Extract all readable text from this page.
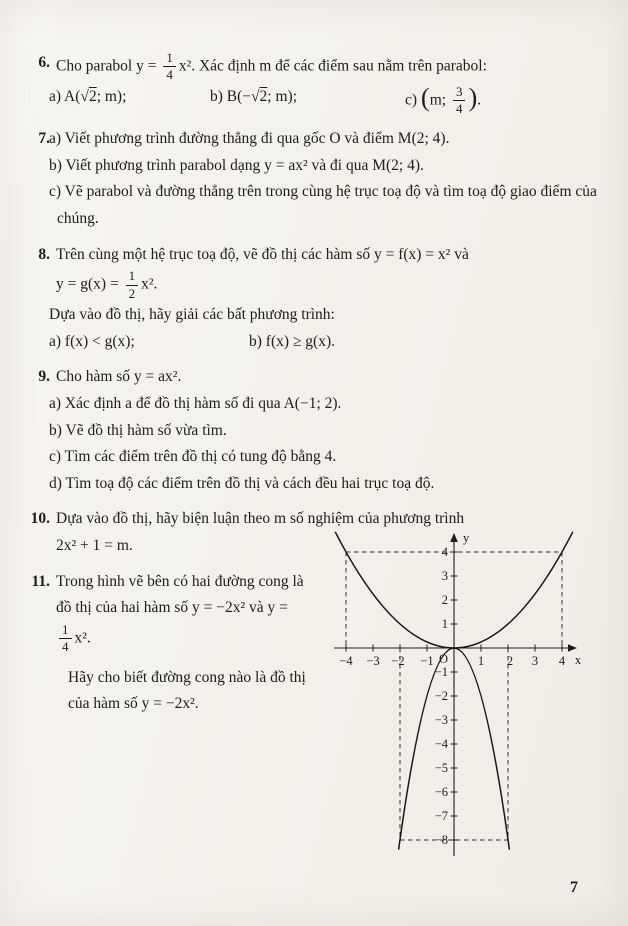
6. Cho parabol $y = \frac{1}{4} x^2$. Xác định m để các điểm sau nằm trên parabol:
a) A(√2; m);	b) B(−√2; m);	c) (m; $\frac{3}{4}$ ).
7. a) Viết phương trình đường thẳng đi qua gốc O và điểm M(2; 4).
b) Viết phương trình parabol dạng y = ax² và đi qua M(2; 4).
c) Vẽ parabol và đường thẳng trên trong cùng hệ trục toạ độ và tìm toạ độ giao điểm của chúng.
8. Trên cùng một hệ trục toạ độ, vẽ đồ thị các hàm số y = f(x) = x² và
$y = g(x) = \frac{1}{2} x^2$.
Dựa vào đồ thị, hãy giải các bất phương trình:
a) f(x) < g(x);	b) f(x) ≥ g(x).
9. Cho hàm số y = ax².
a) Xác định a để đồ thị hàm số đi qua A(−1; 2).
b) Vẽ đồ thị hàm số vừa tìm.
c) Tìm các điểm trên đồ thị có tung độ bằng 4.
d) Tìm toạ độ các điểm trên đồ thị và cách đều hai trục toạ độ.
10. Dựa vào đồ thị, hãy biện luận theo m số nghiệm của phương trình
2x² + 1 = m.
11. Trong hình vẽ bên có hai đường cong là đồ thị của hai hàm số y = −2x² và y =
$\frac{1}{4} x^2$.
Hãy cho biết đường cong nào là đồ thị của hàm số y = −2x².
y
x
O
−4 −3 −2 −1	1 2 3 4
4
3
2
1
−1
−2
−3
−4
−5
−6
−7
−8
7
